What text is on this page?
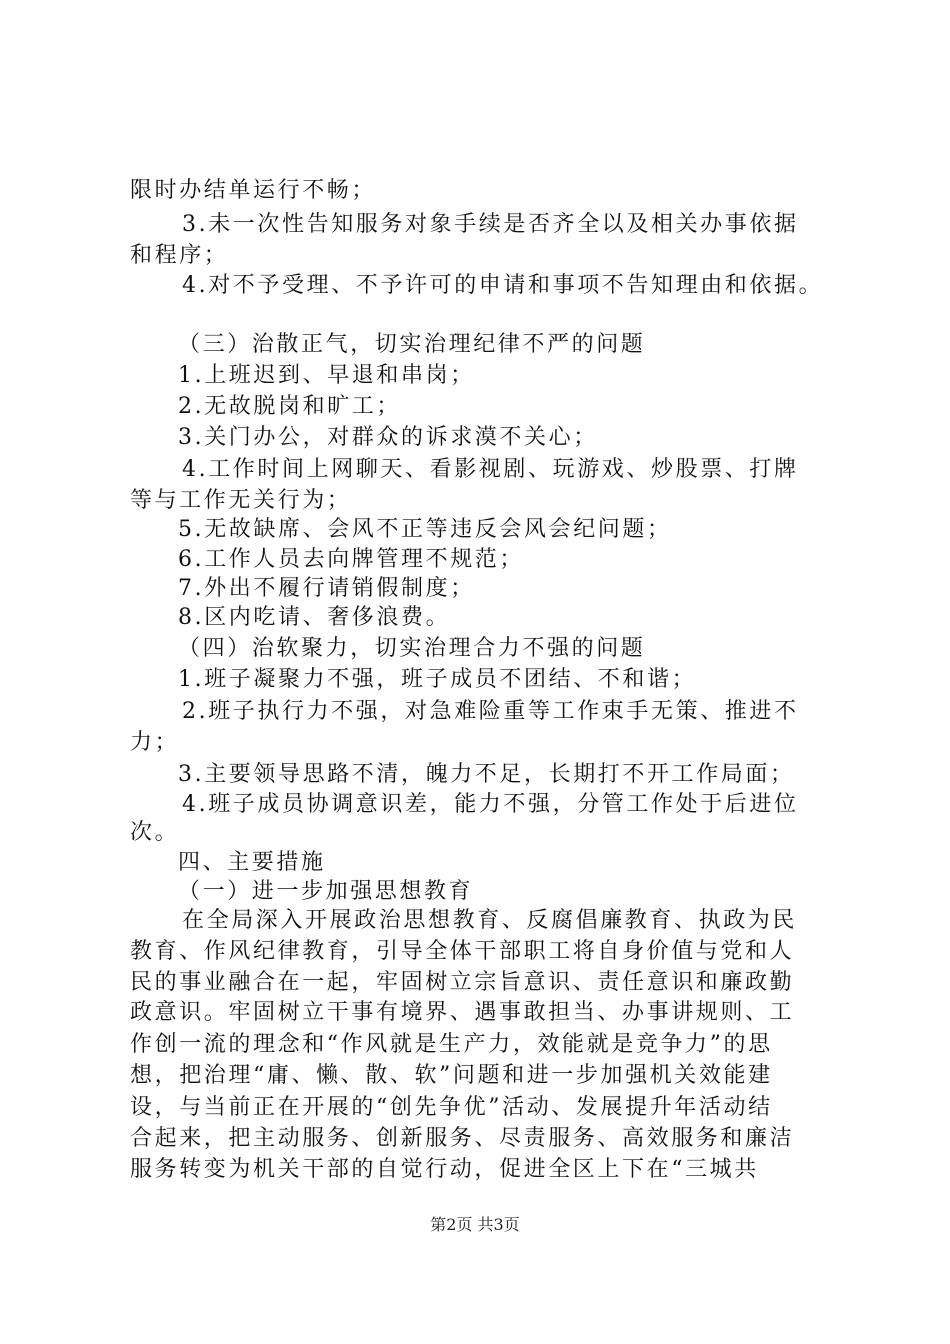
限时办结单运行不畅；
3.未一次性告知服务对象手续是否齐全以及相关办事依据
和程序；
4.对不予受理、不予许可的申请和事项不告知理由和依据。
（三）治散正气，切实治理纪律不严的问题
1.上班迟到、早退和串岗；
2.无故脱岗和旷工；
3.关门办公，对群众的诉求漠不关心；
4.工作时间上网聊天、看影视剧、玩游戏、炒股票、打牌
等与工作无关行为；
5.无故缺席、会风不正等违反会风会纪问题；
6.工作人员去向牌管理不规范；
7.外出不履行请销假制度；
8.区内吃请、奢侈浪费。
（四）治软聚力，切实治理合力不强的问题
1.班子凝聚力不强，班子成员不团结、不和谐；
2.班子执行力不强，对急难险重等工作束手无策、推进不
力；
3.主要领导思路不清，魄力不足，长期打不开工作局面；
4.班子成员协调意识差，能力不强，分管工作处于后进位
次。
四、主要措施
（一）进一步加强思想教育
在全局深入开展政治思想教育、反腐倡廉教育、执政为民
教育、作风纪律教育，引导全体干部职工将自身价值与党和人
民的事业融合在一起，牢固树立宗旨意识、责任意识和廉政勤
政意识。牢固树立干事有境界、遇事敢担当、办事讲规则、工
作创一流的理念和“作风就是生产力，效能就是竞争力”的思
想，把治理“庸、懒、散、软”问题和进一步加强机关效能建
设，与当前正在开展的“创先争优”活动、发展提升年活动结
合起来，把主动服务、创新服务、尽责服务、高效服务和廉洁
服务转变为机关干部的自觉行动，促进全区上下在“三城共
第2页 共3页
